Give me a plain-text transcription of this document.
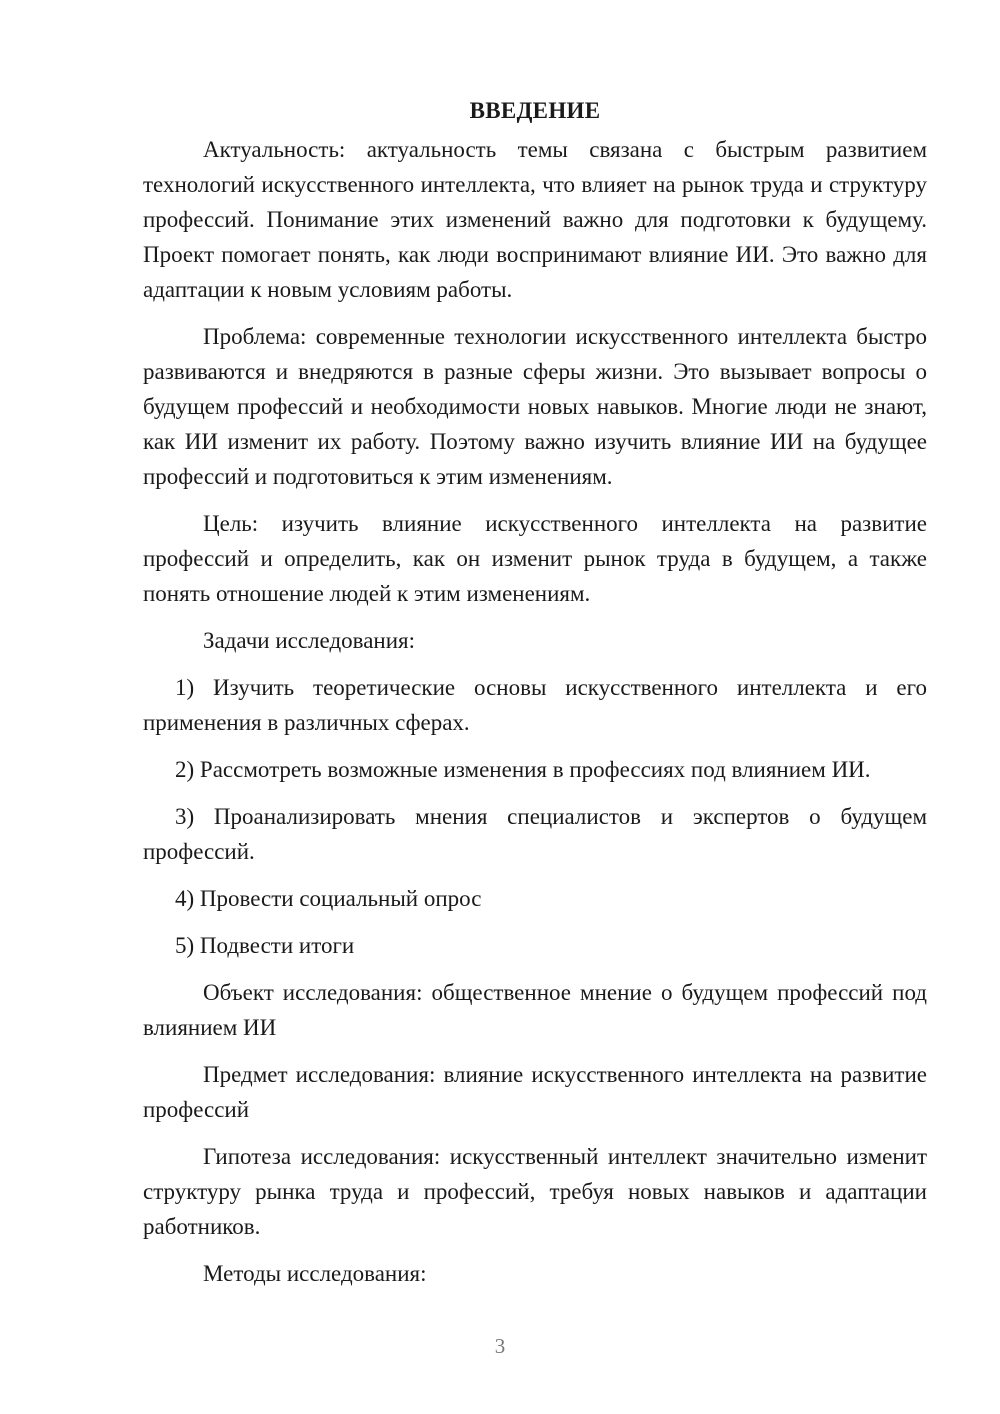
ВВЕДЕНИЕ

Актуальность: актуальность темы связана с быстрым развитием технологий искусственного интеллекта, что влияет на рынок труда и структуру профессий. Понимание этих изменений важно для подготовки к будущему. Проект помогает понять, как люди воспринимают влияние ИИ. Это важно для адаптации к новым условиям работы.

Проблема: современные технологии искусственного интеллекта быстро развиваются и внедряются в разные сферы жизни. Это вызывает вопросы о будущем профессий и необходимости новых навыков. Многие люди не знают, как ИИ изменит их работу. Поэтому важно изучить влияние ИИ на будущее профессий и подготовиться к этим изменениям.

Цель: изучить влияние искусственного интеллекта на развитие профессий и определить, как он изменит рынок труда в будущем, а также понять отношение людей к этим изменениям.

Задачи исследования:

1) Изучить теоретические основы искусственного интеллекта и его применения в различных сферах.

2) Рассмотреть возможные изменения в профессиях под влиянием ИИ.

3) Проанализировать мнения специалистов и экспертов о будущем профессий.

4) Провести социальный опрос

5) Подвести итоги

Объект исследования: общественное мнение о будущем профессий под влиянием ИИ

Предмет исследования: влияние искусственного интеллекта на развитие профессий

Гипотеза исследования: искусственный интеллект значительно изменит структуру рынка труда и профессий, требуя новых навыков и адаптации работников.

Методы исследования:

3
